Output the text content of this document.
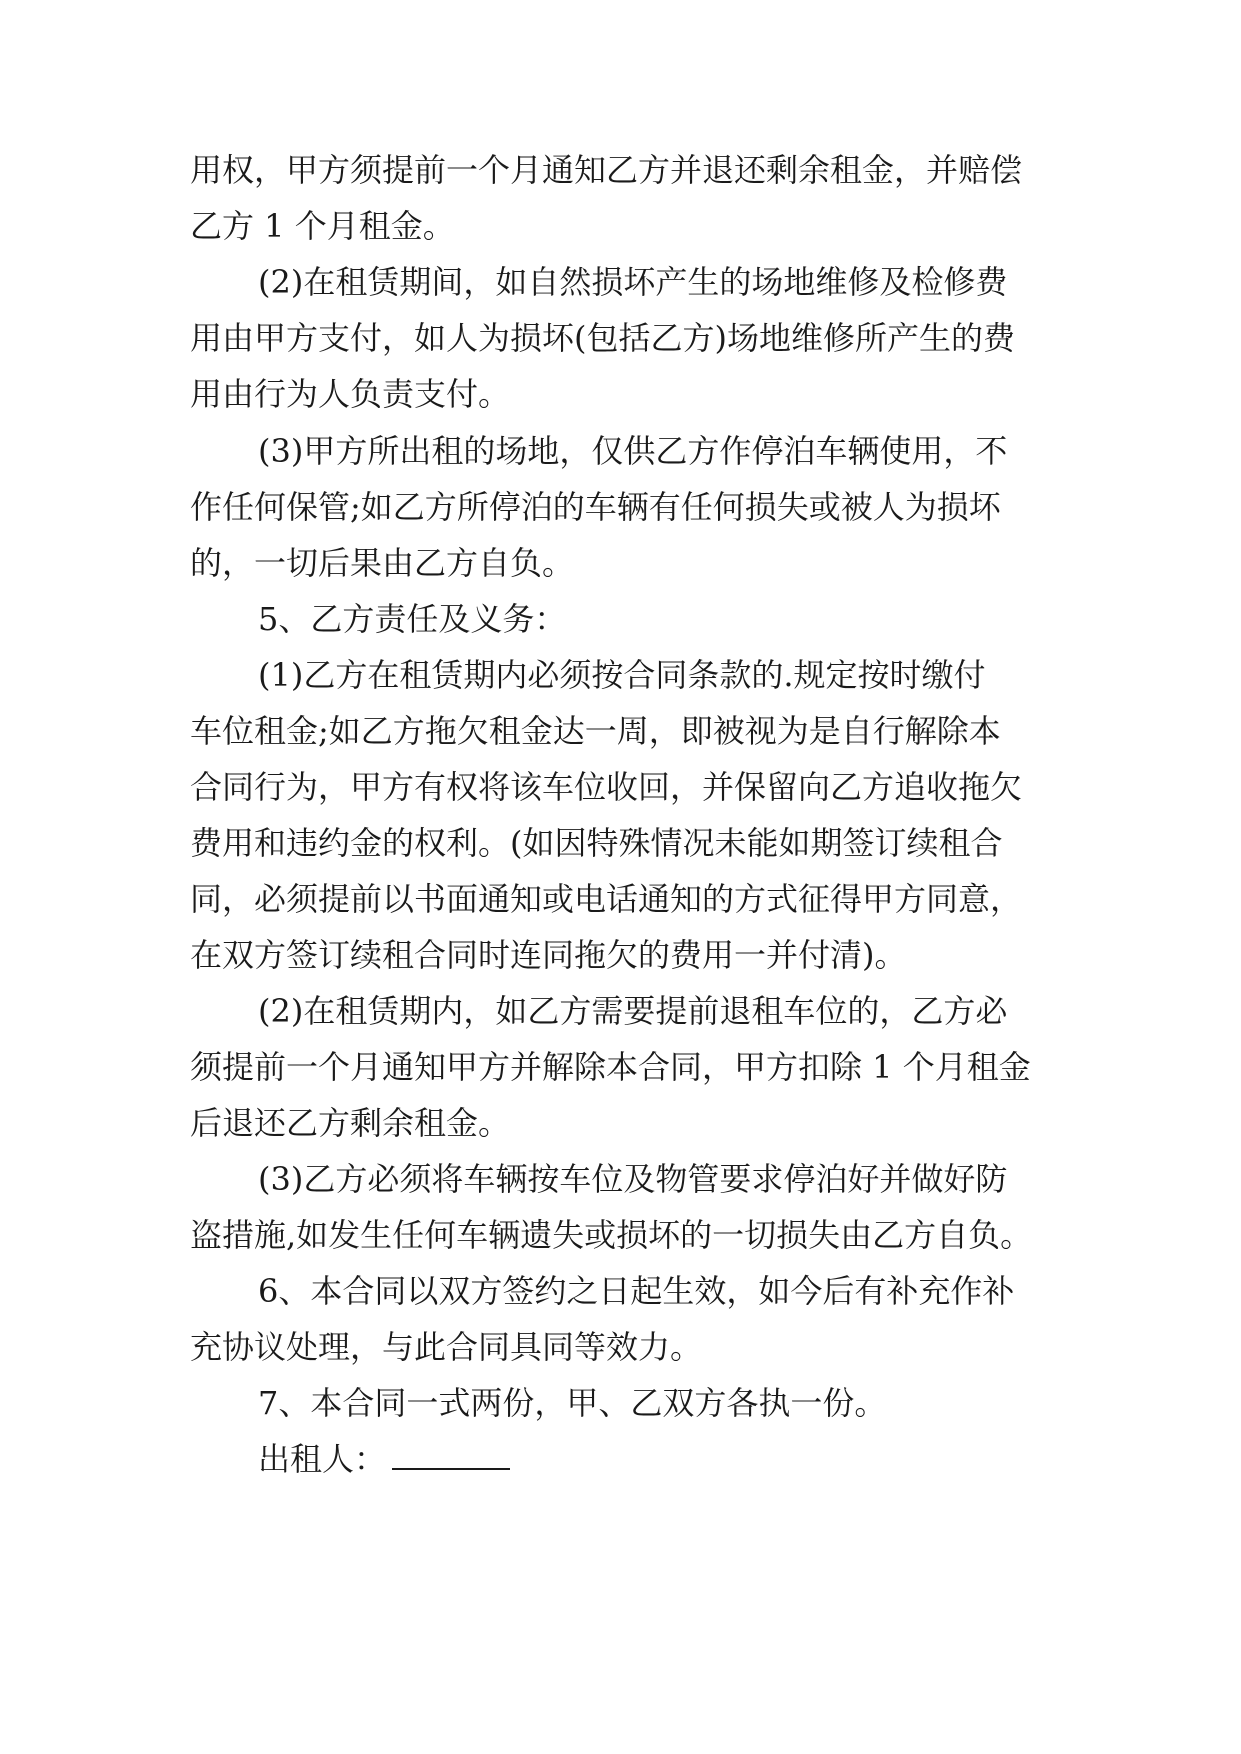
用权，甲方须提前一个月通知乙方并退还剩余租金，并赔偿
乙方 1 个月租金。
(2)在租赁期间，如自然损坏产生的场地维修及检修费
用由甲方支付，如人为损坏(包括乙方)场地维修所产生的费
用由行为人负责支付。
(3)甲方所出租的场地，仅供乙方作停泊车辆使用，不
作任何保管;如乙方所停泊的车辆有任何损失或被人为损坏
的，一切后果由乙方自负。
5、乙方责任及义务：
(1)乙方在租赁期内必须按合同条款的.规定按时缴付
车位租金;如乙方拖欠租金达一周，即被视为是自行解除本
合同行为，甲方有权将该车位收回，并保留向乙方追收拖欠
费用和违约金的权利。(如因特殊情况未能如期签订续租合
同，必须提前以书面通知或电话通知的方式征得甲方同意，
在双方签订续租合同时连同拖欠的费用一并付清)。
(2)在租赁期内，如乙方需要提前退租车位的，乙方必
须提前一个月通知甲方并解除本合同，甲方扣除 1 个月租金
后退还乙方剩余租金。
(3)乙方必须将车辆按车位及物管要求停泊好并做好防
盗措施,如发生任何车辆遗失或损坏的一切损失由乙方自负。
6、本合同以双方签约之日起生效，如今后有补充作补
充协议处理，与此合同具同等效力。
7、本合同一式两份，甲、乙双方各执一份。
出租人：
